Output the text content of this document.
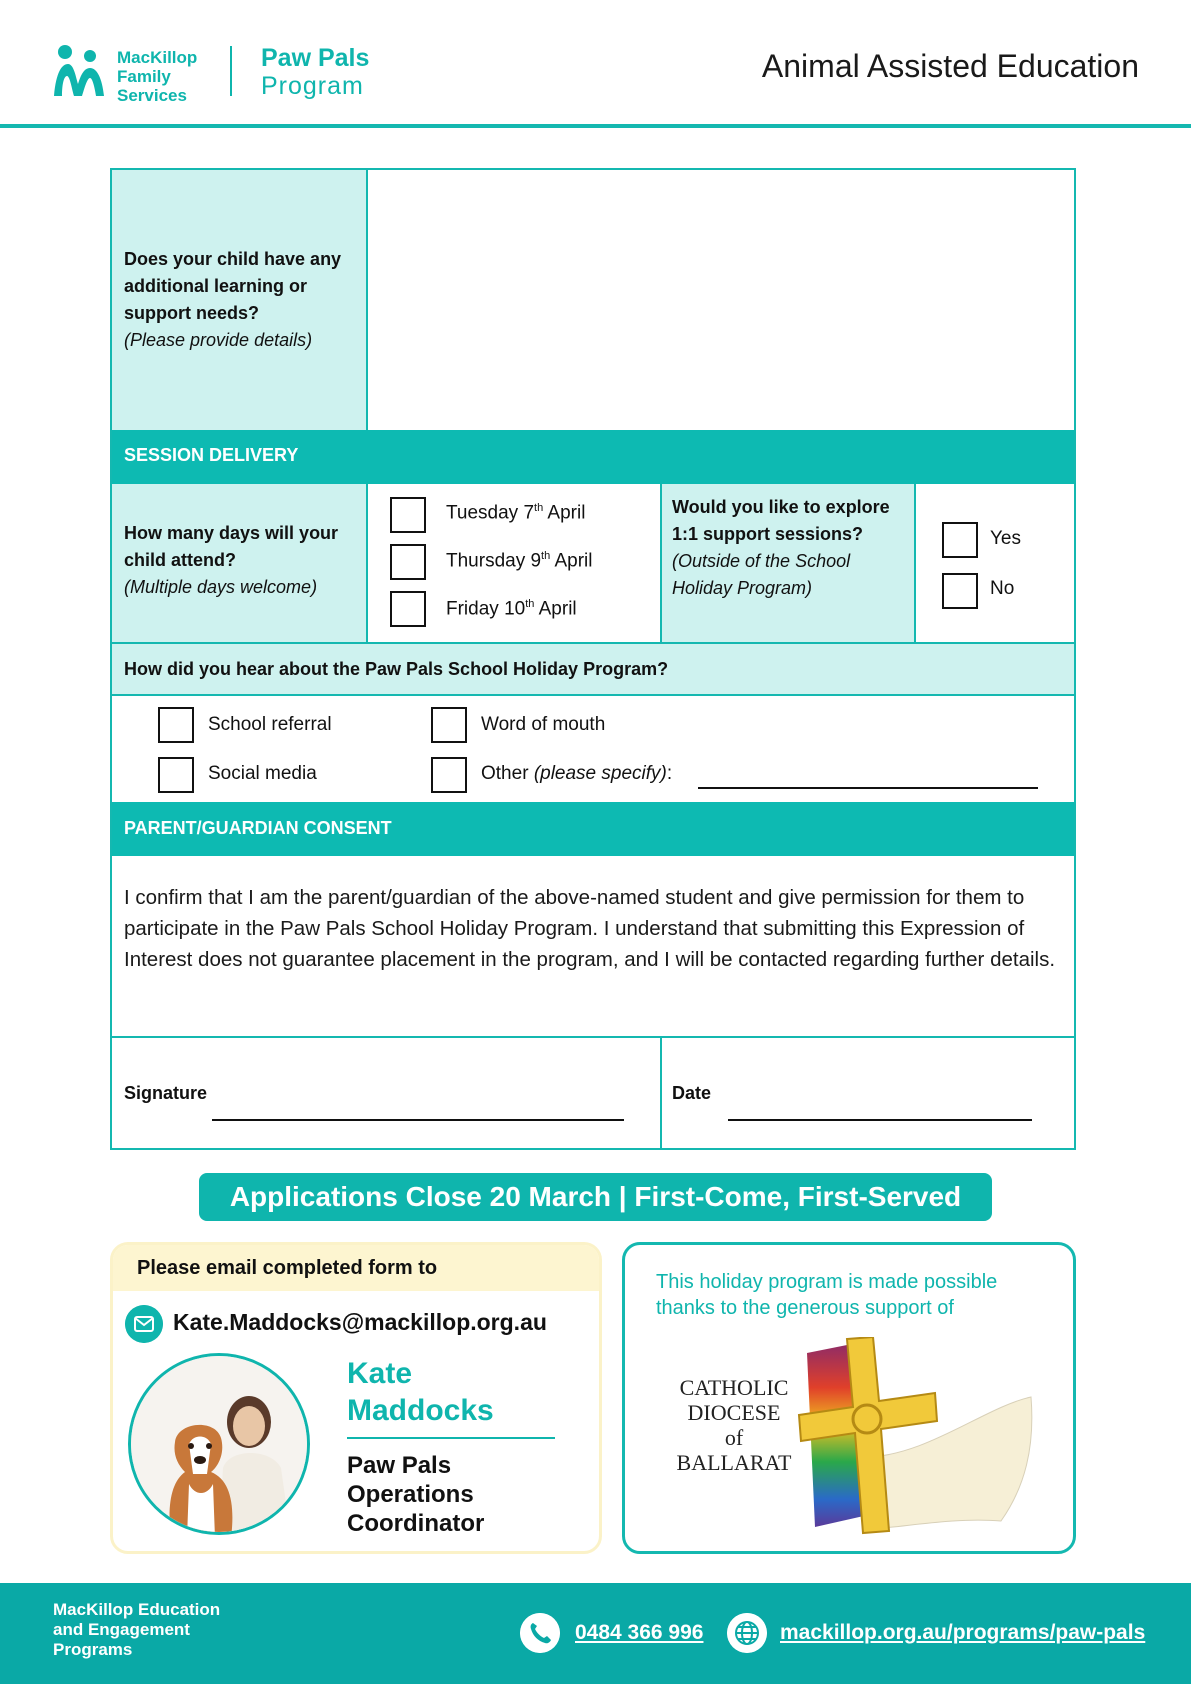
MacKillop
Family
Services
Paw Pals
Program
Animal Assisted Education
Does your child have any additional learning or support needs?
(Please provide details)
SESSION DELIVERY
How many days will your child attend?
(Multiple days welcome)
Tuesday 7th April
Thursday 9th April
Friday 10th April
Would you like to explore 1:1 support sessions?
(Outside of the School Holiday Program)
Yes
No
How did you hear about the Paw Pals School Holiday Program?
School referral	Word of mouth
Social media	Other (please specify):
PARENT/GUARDIAN CONSENT
I confirm that I am the parent/guardian of the above-named student and give permission for them to participate in the Paw Pals School Holiday Program. I understand that submitting this Expression of Interest does not guarantee placement in the program, and I will be contacted regarding further details.
Signature	Date
Applications Close 20 March | First-Come, First-Served
Please email completed form to
Kate.Maddocks@mackillop.org.au
Kate
Maddocks
Paw Pals
Operations
Coordinator
This holiday program is made possible thanks to the generous support of
CATHOLIC
DIOCESE
of
BALLARAT
MacKillop Education
and Engagement
Programs
0484 366 996	mackillop.org.au/programs/paw-pals
